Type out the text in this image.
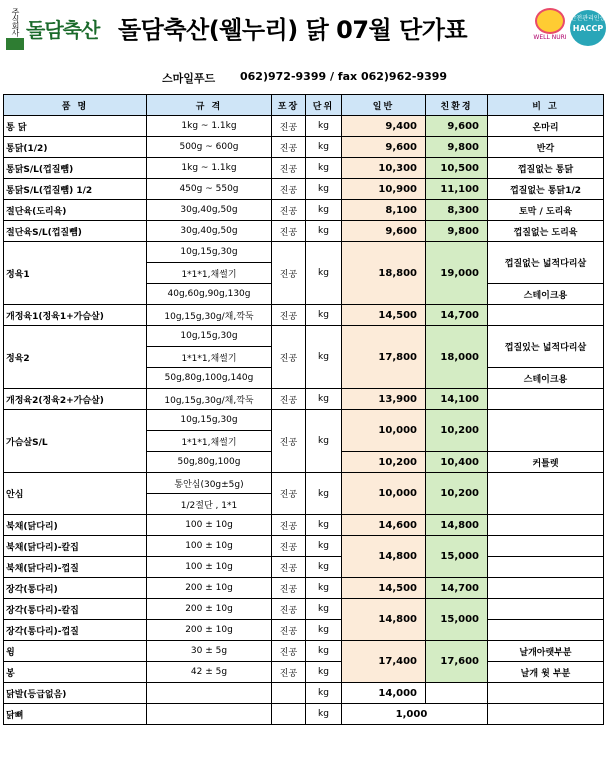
주식회사 돌담축산 돌담축산(웰누리) 닭 07월 단가표	WELL NURI
안전관리인증
HACCP
스마일푸드 062)972-9399 / fax 062)962-9399
품 명	규 격	포장	단위	일반	친환경	비 고
통 닭	1kg ~ 1.1kg	진공	kg	9,400	9,600	온마리
통닭(1/2)	500g ~ 600g	진공	kg	9,600	9,800	반각
통닭S/L(껍질뺌)	1kg ~ 1.1kg	진공	kg	10,300	10,500	껍질없는 통닭
통닭S/L(껍질뺌) 1/2	450g ~ 550g	진공	kg	10,900	11,100	껍질없는 통닭1/2
절단육(도리육)	30g,40g,50g	진공	kg	8,100	8,300	토막 / 도리육
절단육S/L(껍질뺌)	30g,40g,50g	진공	kg	9,600	9,800	껍질없는 도리육
정육1	10g,15g,30g	진공	kg	18,800	19,000	껍질없는 넓적다리살
	1*1*1,채썰기					
	40g,60g,90g,130g					스테이크용
개정육1(정육1+가슴살)	10g,15g,30g/채,깍둑	진공	kg	14,500	14,700	
정육2	10g,15g,30g	진공	kg	17,800	18,000	껍질있는 넓적다리살
	1*1*1,채썰기					
	50g,80g,100g,140g					스테이크용
개정육2(정육2+가슴살)	10g,15g,30g/채,깍둑	진공	kg	13,900	14,100	
가슴살S/L	10g,15g,30g	진공	kg	10,000	10,200	
	1*1*1,채썰기					
	50g,80g,100g			10,200	10,400	커틀렛
안심	통안심(30g±5g)	진공	kg	10,000	10,200	
	1/2절단 , 1*1					
북채(닭다리)	100 ± 10g	진공	kg	14,600	14,800	
북채(닭다리)-칼집	100 ± 10g	진공	kg	14,800	15,000	
북채(닭다리)-껍질	100 ± 10g	진공	kg			
장각(통다리)	200 ± 10g	진공	kg	14,500	14,700	
장각(통다리)-칼집	200 ± 10g	진공	kg	14,800	15,000	
장각(통다리)-껍질	200 ± 10g	진공	kg			
윙	30 ± 5g	진공	kg	17,400	17,600	날개아랫부분
봉	42 ± 5g	진공	kg			날개 윗 부분
닭발(등급없음)			kg	14,000		
닭뼈			kg	1,000		
